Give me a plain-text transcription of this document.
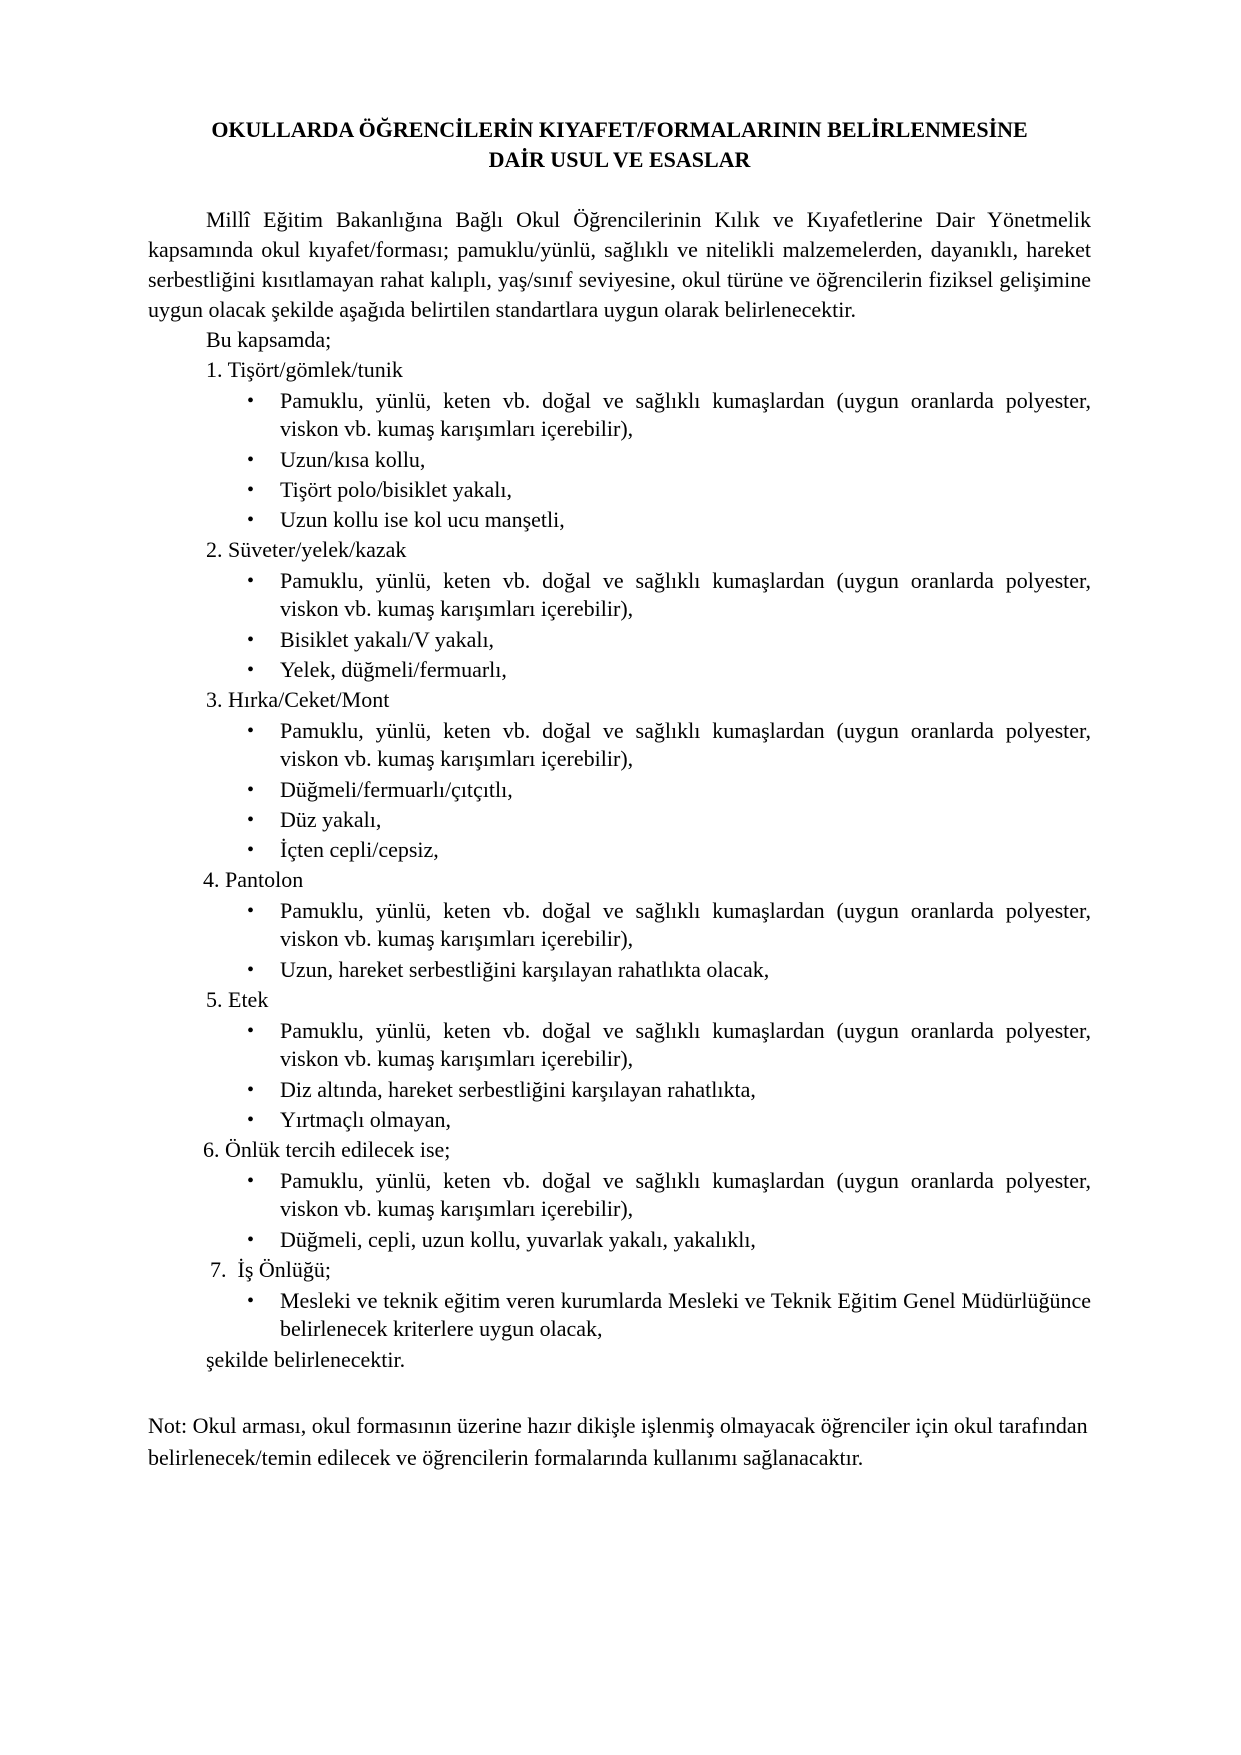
OKULLARDA ÖĞRENCİLERİN KIYAFET/FORMALARININ BELİRLENMESİNE
DAİR USUL VE ESASLAR

Millî Eğitim Bakanlığına Bağlı Okul Öğrencilerinin Kılık ve Kıyafetlerine Dair Yönetmelik kapsamında okul kıyafet/forması; pamuklu/yünlü, sağlıklı ve nitelikli malzemelerden, dayanıklı, hareket serbestliğini kısıtlamayan rahat kalıplı, yaş/sınıf seviyesine, okul türüne ve öğrencilerin fiziksel gelişimine uygun olacak şekilde aşağıda belirtilen standartlara uygun olarak belirlenecektir.

Bu kapsamda;

1. Tişört/gömlek/tunik

• Pamuklu, yünlü, keten vb. doğal ve sağlıklı kumaşlardan (uygun oranlarda polyester, viskon vb. kumaş karışımları içerebilir),
• Uzun/kısa kollu,
• Tişört polo/bisiklet yakalı,
• Uzun kollu ise kol ucu manşetli,

2. Süveter/yelek/kazak

• Pamuklu, yünlü, keten vb. doğal ve sağlıklı kumaşlardan (uygun oranlarda polyester, viskon vb. kumaş karışımları içerebilir),
• Bisiklet yakalı/V yakalı,
• Yelek, düğmeli/fermuarlı,

3. Hırka/Ceket/Mont

• Pamuklu, yünlü, keten vb. doğal ve sağlıklı kumaşlardan (uygun oranlarda polyester, viskon vb. kumaş karışımları içerebilir),
• Düğmeli/fermuarlı/çıtçıtlı,
• Düz yakalı,
• İçten cepli/cepsiz,

4. Pantolon

• Pamuklu, yünlü, keten vb. doğal ve sağlıklı kumaşlardan (uygun oranlarda polyester, viskon vb. kumaş karışımları içerebilir),
• Uzun, hareket serbestliğini karşılayan rahatlıkta olacak,

5. Etek

• Pamuklu, yünlü, keten vb. doğal ve sağlıklı kumaşlardan (uygun oranlarda polyester, viskon vb. kumaş karışımları içerebilir),
• Diz altında, hareket serbestliğini karşılayan rahatlıkta,
• Yırtmaçlı olmayan,

6. Önlük tercih edilecek ise;

• Pamuklu, yünlü, keten vb. doğal ve sağlıklı kumaşlardan (uygun oranlarda polyester, viskon vb. kumaş karışımları içerebilir),
• Düğmeli, cepli, uzun kollu, yuvarlak yakalı, yakalıklı,

7.  İş Önlüğü;

• Mesleki ve teknik eğitim veren kurumlarda Mesleki ve Teknik Eğitim Genel Müdürlüğünce belirlenecek kriterlere uygun olacak,

şekilde belirlenecektir.

Not: Okul arması, okul formasının üzerine hazır dikişle işlenmiş olmayacak öğrenciler için okul tarafından belirlenecek/temin edilecek ve öğrencilerin formalarında kullanımı sağlanacaktır.
